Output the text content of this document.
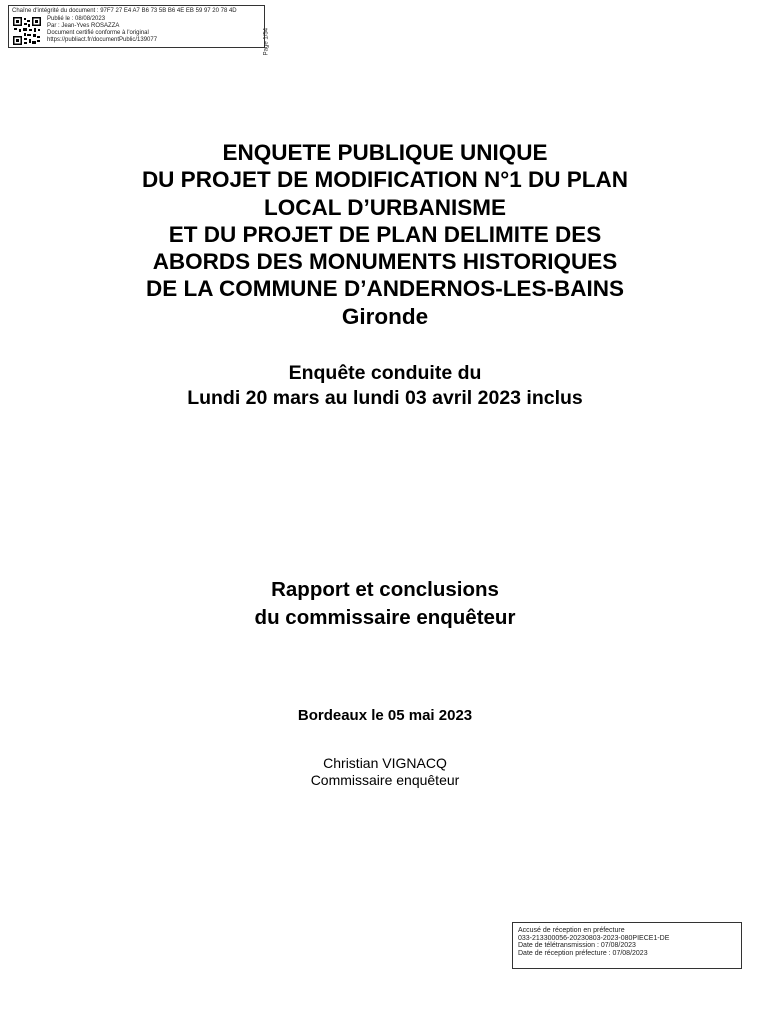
Chaîne d'intégrité du document : 97F7 27 E4 A7 B6 73 5B B6 4E EB 59 97 20 78 4D
Publié le : 08/08/2023
Par : Jean-Yves ROSAZZA
Document certifié conforme à l'original
https://publiact.fr/documentPublic/139077	Page 1/54
ENQUETE PUBLIQUE UNIQUE
DU PROJET DE MODIFICATION N°1 DU PLAN
LOCAL D’URBANISME
ET DU PROJET DE PLAN DELIMITE DES
ABORDS DES MONUMENTS HISTORIQUES
DE LA COMMUNE D’ANDERNOS-LES-BAINS
Gironde
Enquête conduite du
Lundi 20 mars au lundi 03 avril 2023 inclus
Rapport et conclusions
du commissaire enquêteur
Bordeaux le 05 mai 2023
Christian VIGNACQ
Commissaire enquêteur
Accusé de réception en préfecture
033-213300056-20230803-2023-080PIECE1-DE
Date de télétransmission : 07/08/2023
Date de réception préfecture : 07/08/2023
